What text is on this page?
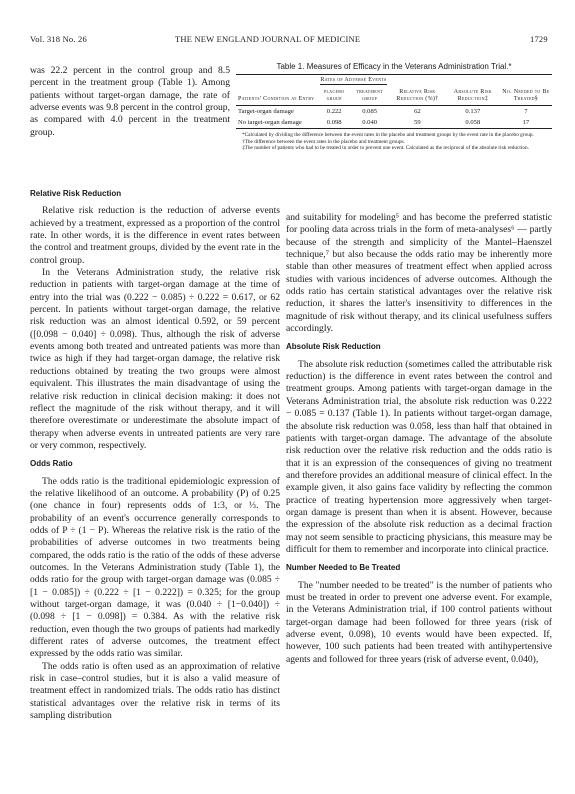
Vol. 318 No. 26	THE NEW ENGLAND JOURNAL OF MEDICINE	1729

was 22.2 percent in the control group and 8.5 percent in the treatment group (Table 1). Among patients without target-organ damage, the rate of adverse events was 9.8 percent in the control group, as compared with 4.0 percent in the treatment group.

Table 1. Measures of Efficacy in the Veterans Administration Trial.*
Patients' Condition at Entry	Rates of Adverse Events		Relative Risk Reduction (%)†	Absolute Risk Reduction‡	No. Needed to Be Treated§
	placebo group	treatment group			
Target-organ damage	0.222	0.085	62	0.137	7
No target-organ damage	0.098	0.040	59	0.058	17
*Calculated by dividing the difference between the event rates in the placebo and treatment groups by the event rate in the placebo group.
†The difference between the event rates in the placebo and treatment groups.
‡The number of patients who had to be treated in order to prevent one event. Calculated as the reciprocal of the absolute risk reduction.
Relative Risk Reduction

Relative risk reduction is the reduction of adverse events achieved by a treatment, expressed as a proportion of the control rate. In other words, it is the difference in event rates between the control and treatment groups, divided by the event rate in the control group.

In the Veterans Administration study, the relative risk reduction in patients with target-organ damage at the time of entry into the trial was (0.222 − 0.085) ÷ 0.222 = 0.617, or 62 percent. In patients without target-organ damage, the relative risk reduction was an almost identical 0.592, or 59 percent ([0.098 − 0.040] ÷ 0.098). Thus, although the risk of adverse events among both treated and untreated patients was more than twice as high if they had target-organ damage, the relative risk reductions obtained by treating the two groups were almost equivalent. This illustrates the main disadvantage of using the relative risk reduction in clinical decision making: it does not reflect the magnitude of the risk without therapy, and it will therefore overestimate or underestimate the absolute impact of therapy when adverse events in untreated patients are very rare or very common, respectively.

Odds Ratio

The odds ratio is the traditional epidemiologic expression of the relative likelihood of an outcome. A probability (P) of 0.25 (one chance in four) represents odds of 1:3, or ⅓. The probability of an event's occurrence generally corresponds to odds of P ÷ (1 − P). Whereas the relative risk is the ratio of the probabilities of adverse outcomes in two treatments being compared, the odds ratio is the ratio of the odds of these adverse outcomes. In the Veterans Administration study (Table 1), the odds ratio for the group with target-organ damage was (0.085 ÷ [1 − 0.085]) ÷ (0.222 ÷ [1 − 0.222]) = 0.325; for the group without target-organ damage, it was (0.040 ÷ [1−0.040]) ÷ (0.098 ÷ [1 − 0.098]) = 0.384. As with the relative risk reduction, even though the two groups of patients had markedly different rates of adverse outcomes, the treatment effect expressed by the odds ratio was similar.

The odds ratio is often used as an approximation of relative risk in case–control studies, but it is also a valid measure of treatment effect in randomized trials. The odds ratio has distinct statistical advantages over the relative risk in terms of its sampling distribution

and suitability for modeling⁵ and has become the preferred statistic for pooling data across trials in the form of meta-analyses⁶ — partly because of the strength and simplicity of the Mantel–Haenszel technique,⁷ but also because the odds ratio may be inherently more stable than other measures of treatment effect when applied across studies with various incidences of adverse outcomes. Although the odds ratio has certain statistical advantages over the relative risk reduction, it shares the latter's insensitivity to differences in the magnitude of risk without therapy, and its clinical usefulness suffers accordingly.

Absolute Risk Reduction

The absolute risk reduction (sometimes called the attributable risk reduction) is the difference in event rates between the control and treatment groups. Among patients with target-organ damage in the Veterans Administration trial, the absolute risk reduction was 0.222 − 0.085 = 0.137 (Table 1). In patients without target-organ damage, the absolute risk reduction was 0.058, less than half that obtained in patients with target-organ damage. The advantage of the absolute risk reduction over the relative risk reduction and the odds ratio is that it is an expression of the consequences of giving no treatment and therefore provides an additional measure of clinical effect. In the example given, it also gains face validity by reflecting the common practice of treating hypertension more aggressively when target-organ damage is present than when it is absent. However, because the expression of the absolute risk reduction as a decimal fraction may not seem sensible to practicing physicians, this measure may be difficult for them to remember and incorporate into clinical practice.

Number Needed to Be Treated

The "number needed to be treated" is the number of patients who must be treated in order to prevent one adverse event. For example, in the Veterans Administration trial, if 100 control patients without target-organ damage had been followed for three years (risk of adverse event, 0.098), 10 events would have been expected. If, however, 100 such patients had been treated with antihypertensive agents and followed for three years (risk of adverse event, 0.040),
